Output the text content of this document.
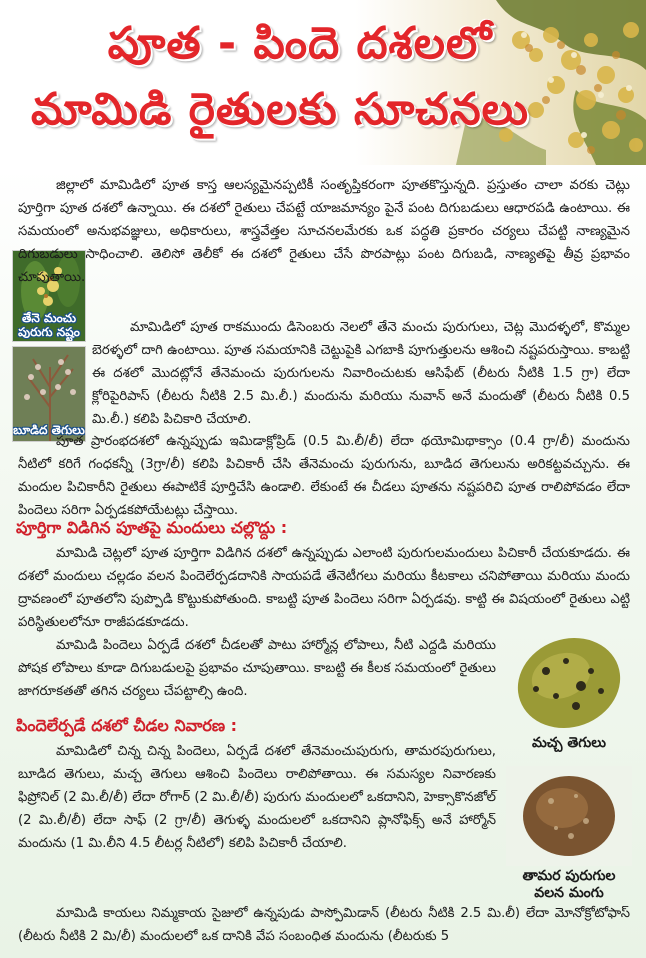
పూత - పిందె దశలలో
మామిడి రైతులకు సూచనలు
తేనె మంచు పురుగు నష్టం
బూడిద తెగులు

జిల్లాలో మామిడిలో పూత కాస్త ఆలస్యమైనప్పటికీ సంతృప్తికరంగా పూతకొస్తున్నది. ప్రస్తుతం చాలా వరకు చెట్లు పూర్తిగా పూత దశలో ఉన్నాయి. ఈ దశలో రైతులు చేపట్టే యాజమాన్యం పైనే పంట దిగుబడులు ఆధారపడి ఉంటాయి. ఈ సమయంలో అనుభవజ్ఞులు, అధికారులు, శాస్త్రవేత్తల సూచనలమేరకు ఒక పద్ధతి ప్రకారం చర్యలు చేపట్టి నాణ్యమైన దిగుబడులు సాధించాలి. తెలిసో తెలీకో ఈ దశలో రైతులు చేసే పొరపాట్లు పంట దిగుబడి, నాణ్యతపై తీవ్ర ప్రభావం చూపుతాయి.

మామిడిలో పూత రాకముందు డిసెంబరు నెలలో తేనె మంచు పురుగులు, చెట్ల మొదళ్ళలో, కొమ్మల బెరళ్ళలో దాగి ఉంటాయి. పూత సమయానికి చెట్టుపైకి ఎగబాకి పూగుత్తులను ఆశించి నష్టపరుస్తాయి. కాబట్టి ఈ దశలో మొదట్లోనే తేనెమంచు పురుగులను నివారించుటకు ఆసిఫేట్ (లీటరు నీటికి 1.5 గ్రా) లేదా క్లోరిపైరిపాస్ (లీటరు నీటికి 2.5 మి.లీ.) మందును మరియు నువాన్ అనే మందుతో (లీటరు నీటికి 0.5 మి.లీ.) కలిపి పిచికారి చేయాలి.

పూత ప్రారంభదశలో ఉన్నప్పుడు ఇమిడాక్లోప్రిడ్ (0.5 మి.లీ/లీ) లేదా థయోమిథాక్సాం (0.4 గ్రా/లీ) మందును నీటిలో కరిగే గంధకన్నీ (3గ్రా/లీ) కలిపి పిచికారీ చేసి తేనెమంచు పురుగును, బూడిద తెగులును అరికట్టవచ్చును. ఈ మందుల పిచికారీని రైతులు ఈపాటికే పూర్తిచేసి ఉండాలి. లేకుంటే ఈ చీడలు పూతను నష్టపరిచి పూత రాలిపోవడం లేదా పిందెలు సరిగా ఏర్పడకపోయేటట్లు చేస్తాయి.

పూర్తిగా విడిగిన పూతపై మందులు చల్లొద్దు :

మామిడి చెట్లలో పూత పూర్తిగా విడిగిన దశలో ఉన్నప్పుడు ఎలాంటి పురుగులమందులు పిచికారీ చేయకూడదు. ఈ దశలో మందులు చల్లడం వలన పిందెలేర్పడదానికి సాయపడే తేనెటీగలు మరియు కీటకాలు చనిపోతాయి మరియు మందు ద్రావణంలో పూతలోని పుప్పొడి కొట్టుకుపోతుంది. కాబట్టి పూత పిందెలు సరిగా ఏర్పడవు. కాట్టి ఈ విషయంలో రైతులు ఎట్టి పరిస్థితులలోనూ రాజీపడకూడదు.

మామిడి పిందెలు ఏర్పడే దశలో చీడలతో పాటు హార్మోన్ల లోపాలు, నీటి ఎద్దడి మరియు పోషక లోపాలు కూడా దిగుబడులపై ప్రభావం చూపుతాయి. కాబట్టి ఈ కీలక సమయంలో రైతులు జాగరూకతతో తగిన చర్యలు చేపట్టాల్సి ఉంది.

పిందెలేర్పడే దశలో చీడల నివారణ :

మామిడిలో చిన్న చిన్న పిందెలు, ఏర్పడే దశలో తేనెమంచుపురుగు, తామరపురుగులు, బూడిద తెగులు, మచ్చ తెగులు ఆశించి పిందెలు రాలిపోతాయి. ఈ సమస్యల నివారణకు ఫిప్రోనిల్ (2 మి.లీ/లీ) లేదా రోగార్ (2 మి.లీ/లీ) పురుగు మందులలో ఒకదానిని, హెక్సాకొనజోల్ (2 మి.లీ/లీ) లేదా సాఫ్ (2 గ్రా/లీ) తెగుళ్ళ మందులలో ఒకదానిని ప్లానోఫిక్స్ అనే హార్మోన్ మందును (1 మి.లీని 4.5 లీటర్ల నీటిలో) కలిపి పిచికారీ చేయాలి.

మామిడి కాయలు నిమ్మకాయ సైజులో ఉన్నపుడు పాస్పోమిడాన్ (లీటరు నీటికి 2.5 మి.లీ) లేదా మోనోక్రోటోఫాస్ (లీటరు నీటికి 2 మి/లీ) మందులలో ఒక దానికి వేప సంబంధిత మందును (లీటరుకు 5

మచ్చ తెగులు
తామర పురుగుల వలన మంగు
